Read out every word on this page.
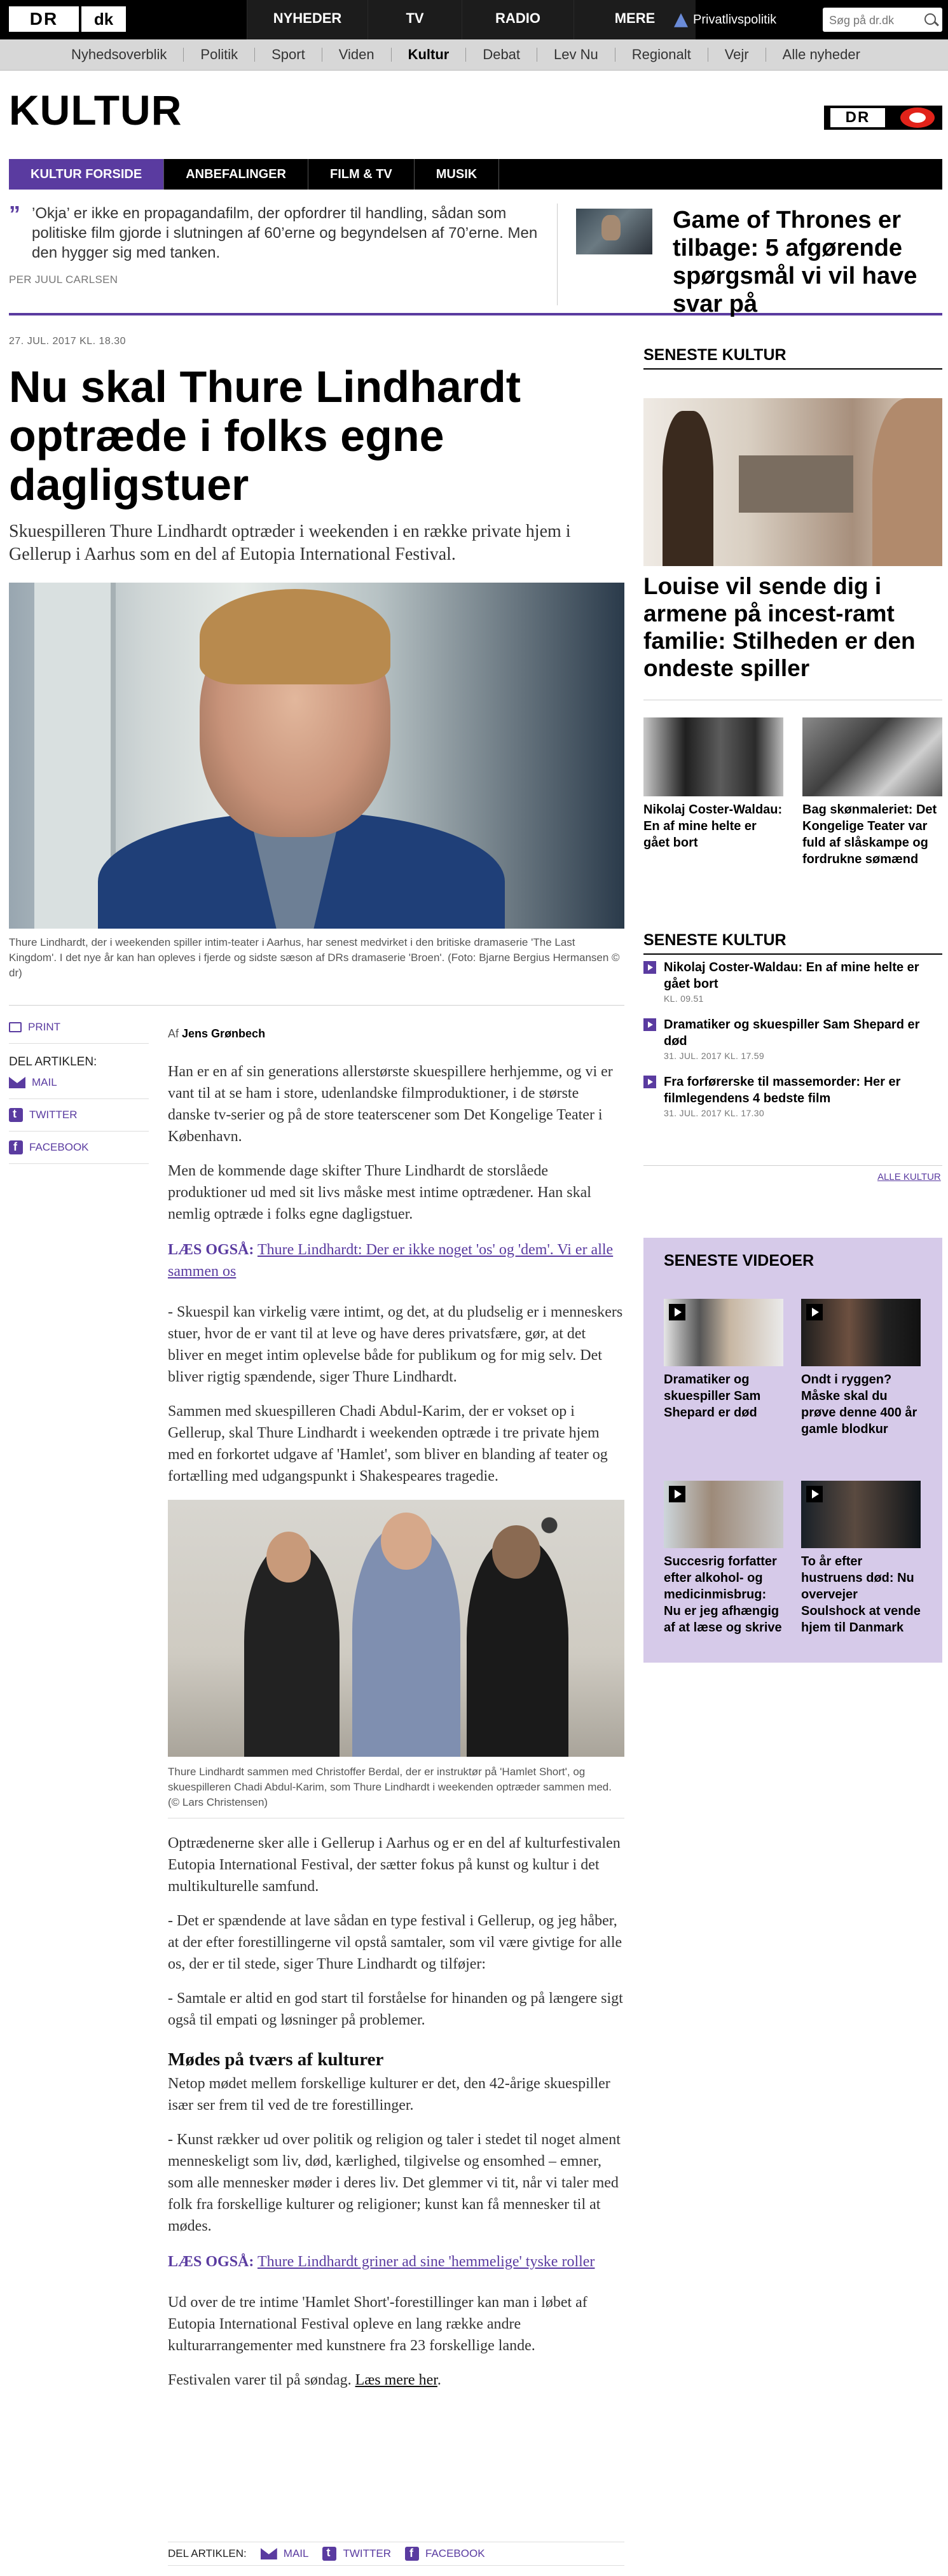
DR	dk	NYHEDER	TV	RADIO	MERE	Privatlivspolitik
Søg på dr.dk
Nyhedsoverblik	Politik	Sport	Viden	Kultur	Debat	Lev Nu	Regionalt	Vejr	Alle nyheder
KULTUR	DR
KULTUR FORSIDE	ANBEFALINGER	FILM & TV	MUSIK
” ’Okja’ er ikke en propagandafilm, der opfordrer til handling, sådan som politiske film gjorde i slutningen af 60’erne og begyndelsen af 70’erne. Men den hygger sig med tanken.
PER JUUL CARLSEN
Game of Thrones er tilbage: 5 afgørende spørgsmål vi vil have svar på
27. JUL. 2017 KL. 18.30
Nu skal Thure Lindhardt optræde i folks egne dagligstuer
Skuespilleren Thure Lindhardt optræder i weekenden i en række private hjem i Gellerup i Aarhus som en del af Eutopia International Festival.
Thure Lindhardt, der i weekenden spiller intim-teater i Aarhus, har senest medvirket i den britiske dramaserie 'The Last Kingdom'. I det nye år kan han opleves i fjerde og sidste sæson af DRs dramaserie 'Broen'. (Foto: Bjarne Bergius Hermansen © dr)
PRINT
DEL ARTIKLEN:
MAIL
t
TWITTER
f
FACEBOOK
Af Jens Grønbech

Han er en af sin generations allerstørste skuespillere herhjemme, og vi er vant til at se ham i store, udenlandske filmproduktioner, i de største danske tv-serier og på de store teaterscener som Det Kongelige Teater i København.

Men de kommende dage skifter Thure Lindhardt de storslåede produktioner ud med sit livs måske mest intime optrædener. Han skal nemlig optræde i folks egne dagligstuer.

LÆS OGSÅ: Thure Lindhardt: Der er ikke noget 'os' og 'dem'. Vi er alle sammen os

- Skuespil kan virkelig være intimt, og det, at du pludselig er i menneskers stuer, hvor de er vant til at leve og have deres privatsfære, gør, at det bliver en meget intim oplevelse både for publikum og for mig selv. Det bliver rigtig spændende, siger Thure Lindhardt.

Sammen med skuespilleren Chadi Abdul-Karim, der er vokset op i Gellerup, skal Thure Lindhardt i weekenden optræde i tre private hjem med en forkortet udgave af 'Hamlet', som bliver en blanding af teater og fortælling med udgangspunkt i Shakespeares tragedie.

Thure Lindhardt sammen med Christoffer Berdal, der er instruktør på 'Hamlet Short', og skuespilleren Chadi Abdul-Karim, som Thure Lindhardt i weekenden optræder sammen med. (© Lars Christensen)

Optrædenerne sker alle i Gellerup i Aarhus og er en del af kulturfestivalen Eutopia International Festival, der sætter fokus på kunst og kultur i det multikulturelle samfund.

- Det er spændende at lave sådan en type festival i Gellerup, og jeg håber, at der efter forestillingerne vil opstå samtaler, som vil være givtige for alle os, der er til stede, siger Thure Lindhardt og tilføjer:

- Samtale er altid en god start til forståelse for hinanden og på længere sigt også til empati og løsninger på problemer.

Mødes på tværs af kulturer

Netop mødet mellem forskellige kulturer er det, den 42-årige skuespiller især ser frem til ved de tre forestillinger.

- Kunst rækker ud over politik og religion og taler i stedet til noget alment menneskeligt som liv, død, kærlighed, tilgivelse og ensomhed – emner, som alle mennesker møder i deres liv. Det glemmer vi tit, når vi taler med folk fra forskellige kulturer og religioner; kunst kan få mennesker til at mødes.

LÆS OGSÅ: Thure Lindhardt griner ad sine 'hemmelige' tyske roller

Ud over de tre intime 'Hamlet Short'-forestillinger kan man i løbet af Eutopia International Festival opleve en lang række andre kulturarrangementer med kunstnere fra 23 forskellige lande.

Festivalen varer til på søndag. Læs mere her.

DEL ARTIKLEN:	MAIL t	TWITTER f	FACEBOOK
SENESTE KULTUR
Louise vil sende dig i armene på incest-ramt familie: Stilheden er den ondeste spiller
Nikolaj Coster-Waldau: En af mine helte er gået bort
Bag skønmaleriet: Det Kongelige Teater var fuld af slåskampe og fordrukne sømænd
SENESTE KULTUR
Nikolaj Coster-Waldau: En af mine helte er gået bort
KL. 09.51
Dramatiker og skuespiller Sam Shepard er død
31. JUL. 2017 KL. 17.59
Fra forførerske til massemorder: Her er filmlegendens 4 bedste film
31. JUL. 2017 KL. 17.30
ALLE KULTUR
SENESTE VIDEOER
Dramatiker og skuespiller Sam Shepard er død
Ondt i ryggen? Måske skal du prøve denne 400 år gamle blodkur
Succesrig forfatter efter alkohol- og medicinmisbrug: Nu er jeg afhængig af at læse og skrive
To år efter hustruens død: Nu overvejer Soulshock at vende hjem til Danmark
